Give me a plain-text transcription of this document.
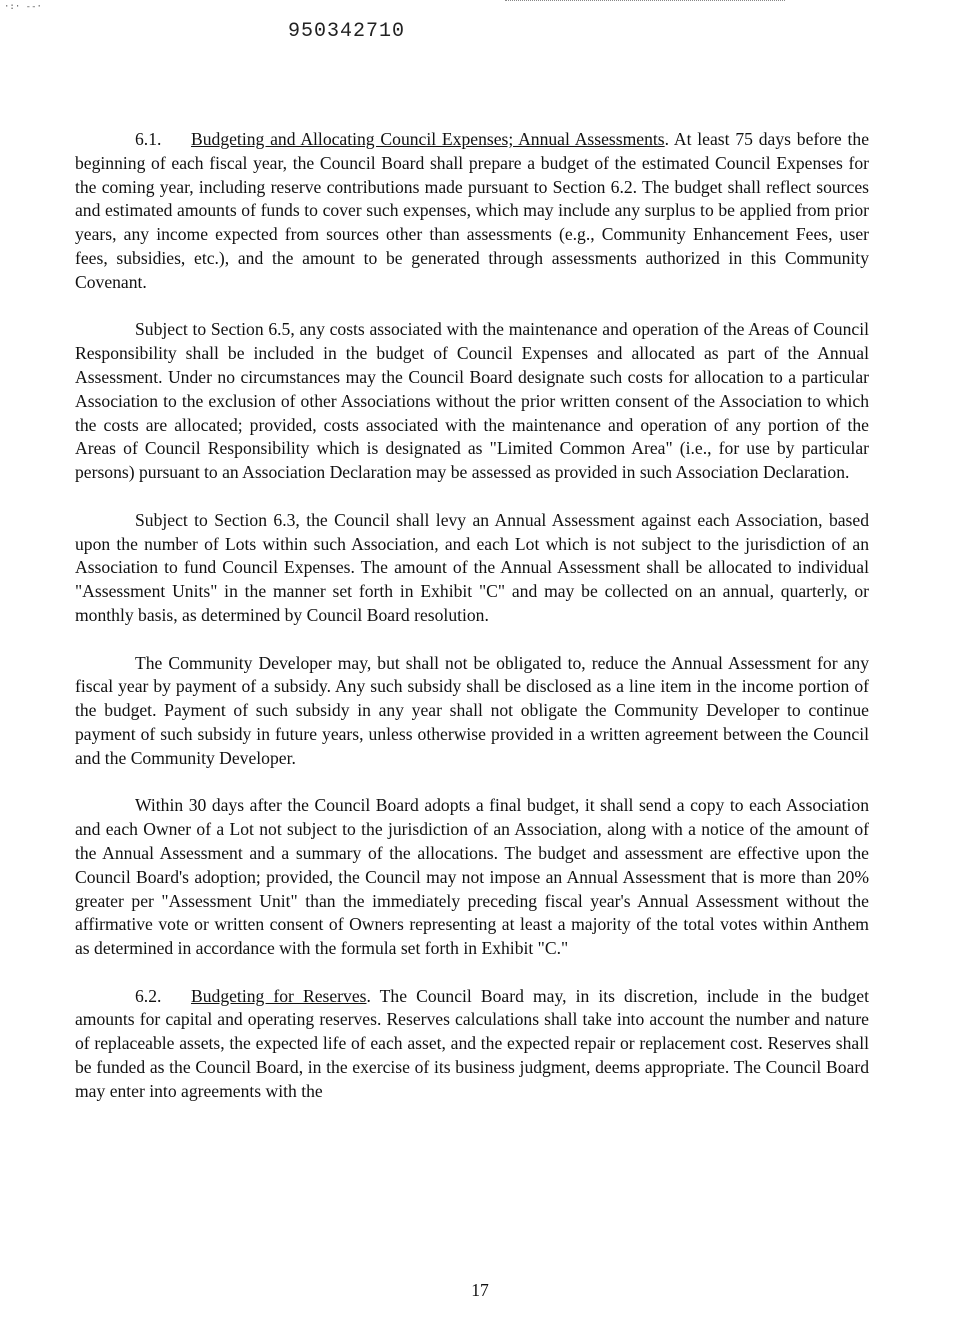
·:· ‑‑·
950342710

6.1. Budgeting and Allocating Council Expenses; Annual Assessments. At least 75 days before the beginning of each fiscal year, the Council Board shall prepare a budget of the estimated Council Expenses for the coming year, including reserve contributions made pursuant to Section 6.2. The budget shall reflect sources and estimated amounts of funds to cover such expenses, which may include any surplus to be applied from prior years, any income expected from sources other than assessments (e.g., Community Enhancement Fees, user fees, subsidies, etc.), and the amount to be generated through assessments authorized in this Community Covenant.

Subject to Section 6.5, any costs associated with the maintenance and operation of the Areas of Council Responsibility shall be included in the budget of Council Expenses and allocated as part of the Annual Assessment. Under no circumstances may the Council Board designate such costs for allocation to a particular Association to the exclusion of other Associations without the prior written consent of the Association to which the costs are allocated; provided, costs associated with the maintenance and operation of any portion of the Areas of Council Responsibility which is designated as "Limited Common Area" (i.e., for use by particular persons) pursuant to an Association Declaration may be assessed as provided in such Association Declaration.

Subject to Section 6.3, the Council shall levy an Annual Assessment against each Association, based upon the number of Lots within such Association, and each Lot which is not subject to the jurisdiction of an Association to fund Council Expenses. The amount of the Annual Assessment shall be allocated to individual "Assessment Units" in the manner set forth in Exhibit "C" and may be collected on an annual, quarterly, or monthly basis, as determined by Council Board resolution.

The Community Developer may, but shall not be obligated to, reduce the Annual Assessment for any fiscal year by payment of a subsidy. Any such subsidy shall be disclosed as a line item in the income portion of the budget. Payment of such subsidy in any year shall not obligate the Community Developer to continue payment of such subsidy in future years, unless otherwise provided in a written agreement between the Council and the Community Developer.

Within 30 days after the Council Board adopts a final budget, it shall send a copy to each Association and each Owner of a Lot not subject to the jurisdiction of an Association, along with a notice of the amount of the Annual Assessment and a summary of the allocations. The budget and assessment are effective upon the Council Board's adoption; provided, the Council may not impose an Annual Assessment that is more than 20% greater per "Assessment Unit" than the immediately preceding fiscal year's Annual Assessment without the affirmative vote or written consent of Owners representing at least a majority of the total votes within Anthem as determined in accordance with the formula set forth in Exhibit "C."

6.2. Budgeting for Reserves. The Council Board may, in its discretion, include in the budget amounts for capital and operating reserves. Reserves calculations shall take into account the number and nature of replaceable assets, the expected life of each asset, and the expected repair or replacement cost. Reserves shall be funded as the Council Board, in the exercise of its business judgment, deems appropriate. The Council Board may enter into agreements with the

17
